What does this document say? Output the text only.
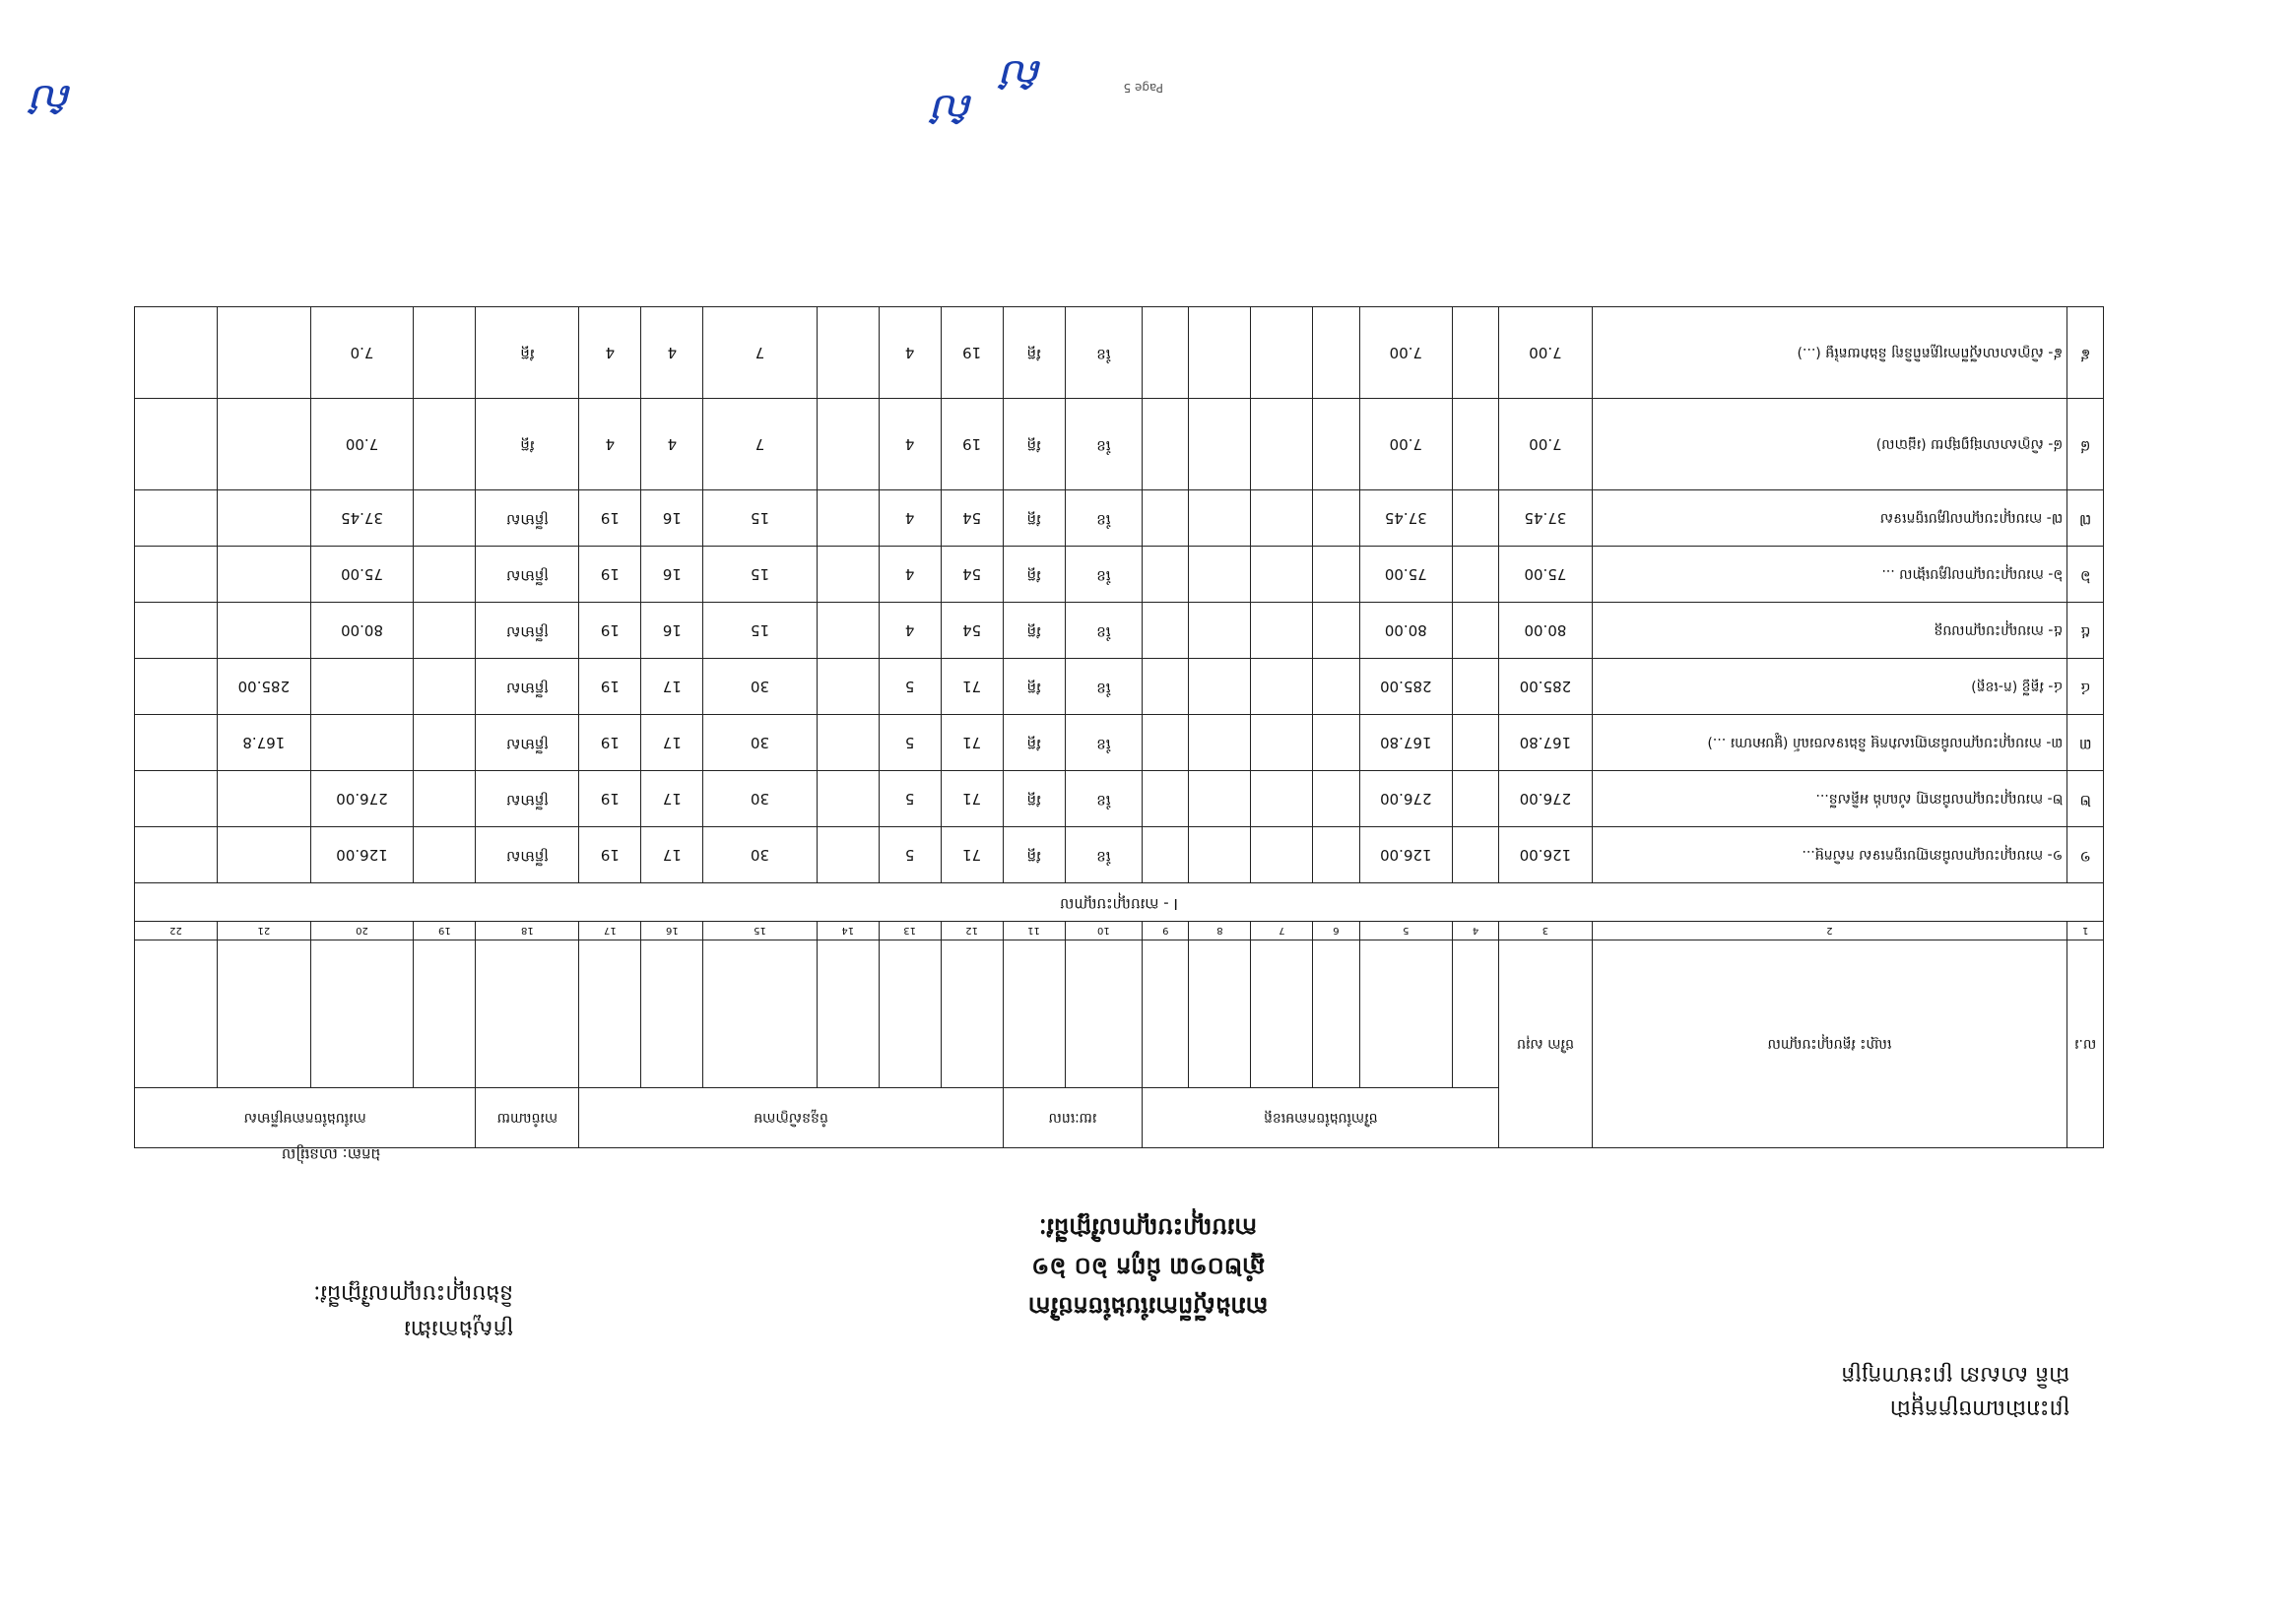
ស	ស
ស	Page 5
ក្រសួងការងារ
និងបណ្តុះបណ្តាលវិជ្ជាជីវៈ
ព្រះរាជាណាចក្រកម្ពុជា
ជាតិ សាសនា ព្រះមហាក្សត្រ
តារាងស្តីពីការបែងចែកថវិកា
ឆ្នាំ២០១៣ ជំពូក ៦០ ៦១
ការបណ្តុះបណ្តាលវិជ្ជាជីវៈ
ឯកតា: លានរៀល
ល.រ	ឈ្មោះ វគ្គបណ្តុះបណ្តាល	ថវិកា សរុប	ថវិកាបែងចែកតាមខេត្ត						រយៈពេល		ចំនួនសិក្ខាកាម						ការចំណាយ	ការបែងចែកតាមត្រីមាស			

1	2	3	4	5	6	7	8	9	10	11	12	13	14	15	16	17	18	19	20	21	22
I - ការបណ្តុះបណ្តាល																					
១	១- ការបណ្តុះបណ្តាលជំនាញបច្ចេកទេស កសិកម្ម...	126.00		126.00					ខែ	វគ្គ	71	5		30	17	19	ត្រីមាស		126.00		
២	២- ការបណ្តុះបណ្តាលជំនាញ សំណង់ អគ្គិសនី...	276.00		276.00					ខែ	វគ្គ	71	5		30	17	19	ត្រីមាស		276.00		
៣	៣- ការបណ្តុះបណ្តាលជំនាញសេវាកម្ម និងទេសចរណ៍ (ម្ហូបអាហារ ...)	167.80		167.80					ខែ	វគ្គ	71	5		30	17	19	ត្រីមាស			167.8	
៤	៤- វគ្គខ្លី (ក-ខេត្ត)	285.00		285.00					ខែ	វគ្គ	71	5		30	17	19	ត្រីមាស			285.00	
៥	៥- ការបណ្តុះបណ្តាលបន្ត	80.00		80.00					ខែ	វគ្គ	54	4		15	16	19	ត្រីមាស		80.00		
៦	៦- ការបណ្តុះបណ្តាលគ្រូបង្គោល ...	75.00		75.00					ខែ	វគ្គ	54	4		15	16	19	ត្រីមាស		75.00		
៧	៧- ការបណ្តុះបណ្តាលគ្រូបច្ចេកទេស	37.45		37.45					ខែ	វគ្គ	54	4		15	16	19	ត្រីមាស		37.45		
៨	៨- សិក្ខាសាលាផ្សព្វផ្សាយ (រដ្ឋបាល)	7.00		7.00					ខែ	វគ្គ	19	4		7	4	4	វគ្គ		7.00		
៩	៩- សិក្ខាសាលាស្តីពីការត្រួតពិនិត្យ និងវាយតម្លៃ (...)	7.00		7.00					ខែ	វគ្គ	19	4		7	4	4	វគ្គ		7.0		
